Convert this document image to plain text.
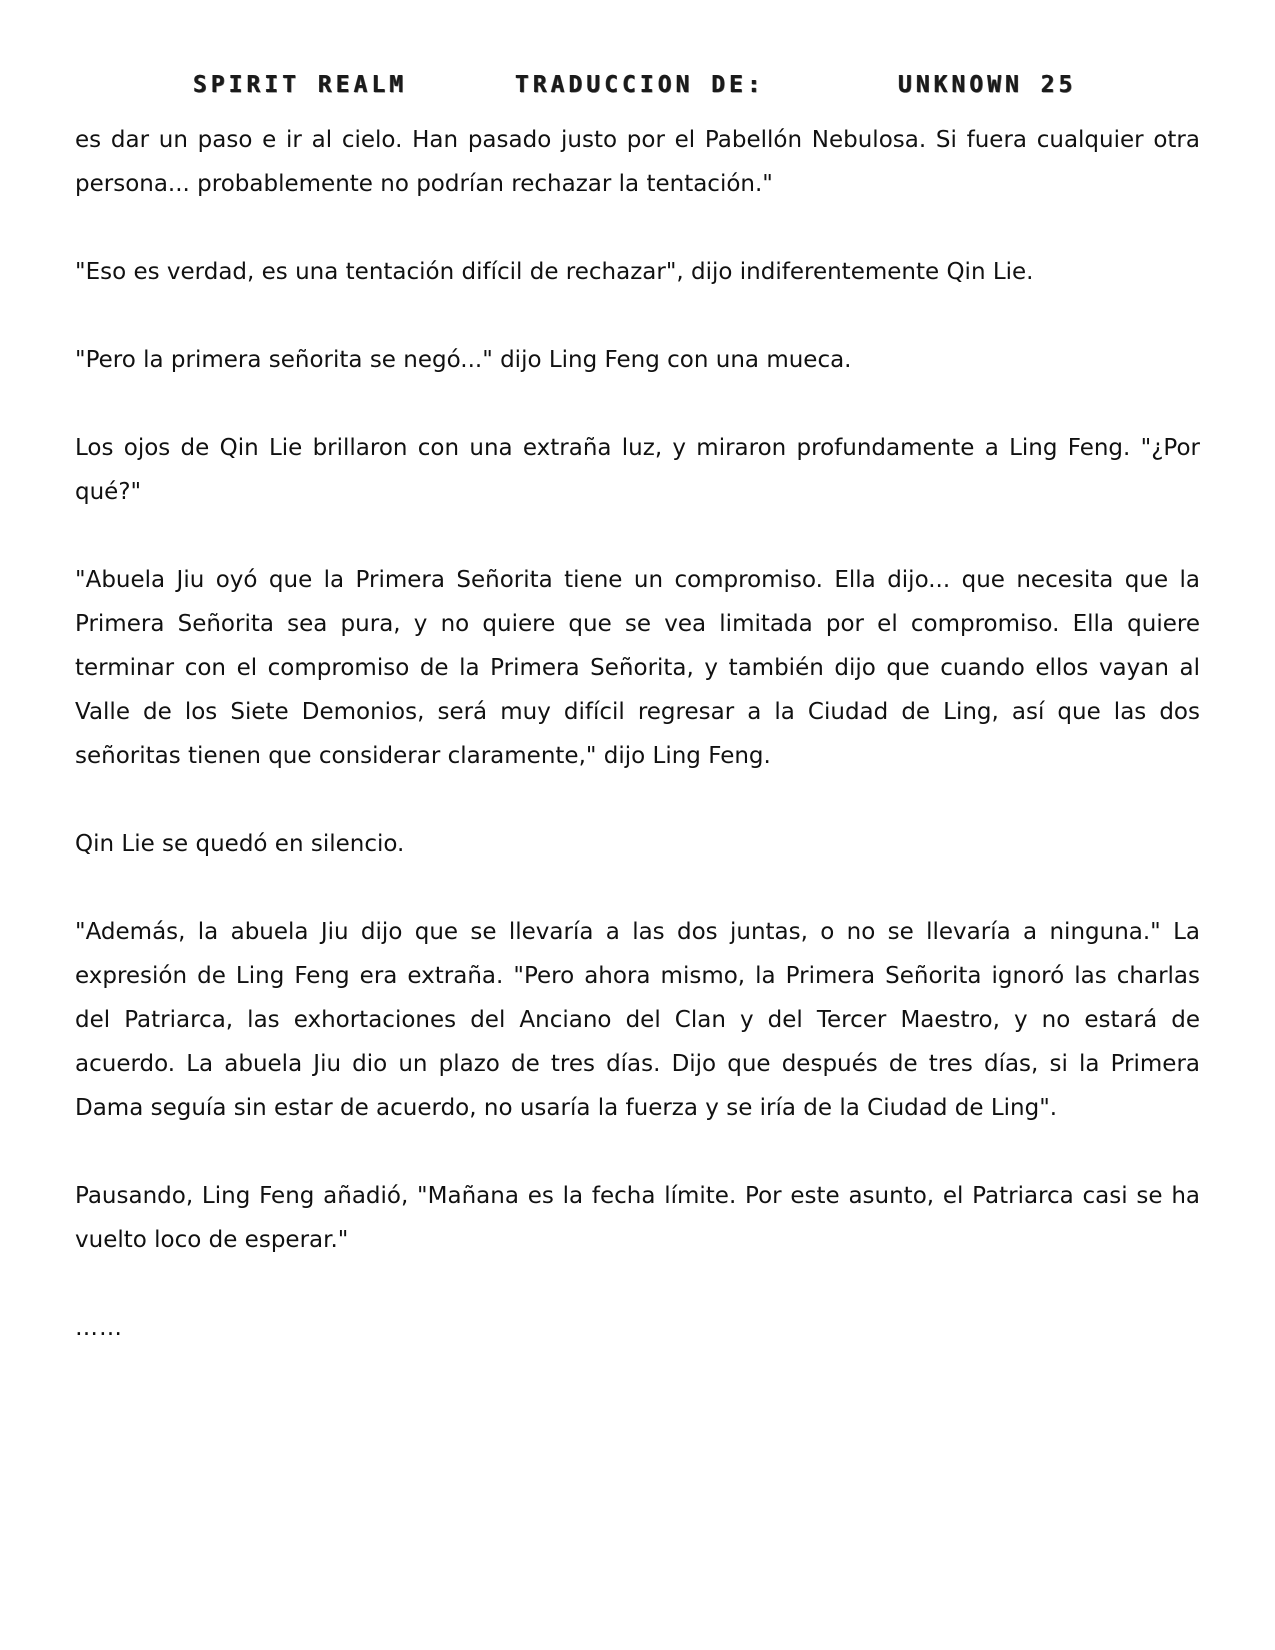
SPIRIT REALM	TRADUCCION DE:	UNKNOWN 25

es dar un paso e ir al cielo. Han pasado justo por el Pabellón Nebulosa. Si fuera cualquier otra persona... probablemente no podrían rechazar la tentación."

"Eso es verdad, es una tentación difícil de rechazar", dijo indiferentemente Qin Lie.

"Pero la primera señorita se negó..." dijo Ling Feng con una mueca.

Los ojos de Qin Lie brillaron con una extraña luz, y miraron profundamente a Ling Feng. "¿Por qué?"

"Abuela Jiu oyó que la Primera Señorita tiene un compromiso. Ella dijo... que necesita que la Primera Señorita sea pura, y no quiere que se vea limitada por el compromiso. Ella quiere terminar con el compromiso de la Primera Señorita, y también dijo que cuando ellos vayan al Valle de los Siete Demonios, será muy difícil regresar a la Ciudad de Ling, así que las dos señoritas tienen que considerar claramente," dijo Ling Feng.

Qin Lie se quedó en silencio.

"Además, la abuela Jiu dijo que se llevaría a las dos juntas, o no se llevaría a ninguna." La expresión de Ling Feng era extraña. "Pero ahora mismo, la Primera Señorita ignoró las charlas del Patriarca, las exhortaciones del Anciano del Clan y del Tercer Maestro, y no estará de acuerdo. La abuela Jiu dio un plazo de tres días. Dijo que después de tres días, si la Primera Dama seguía sin estar de acuerdo, no usaría la fuerza y se iría de la Ciudad de Ling".

Pausando, Ling Feng añadió, "Mañana es la fecha límite. Por este asunto, el Patriarca casi se ha vuelto loco de esperar."

……
